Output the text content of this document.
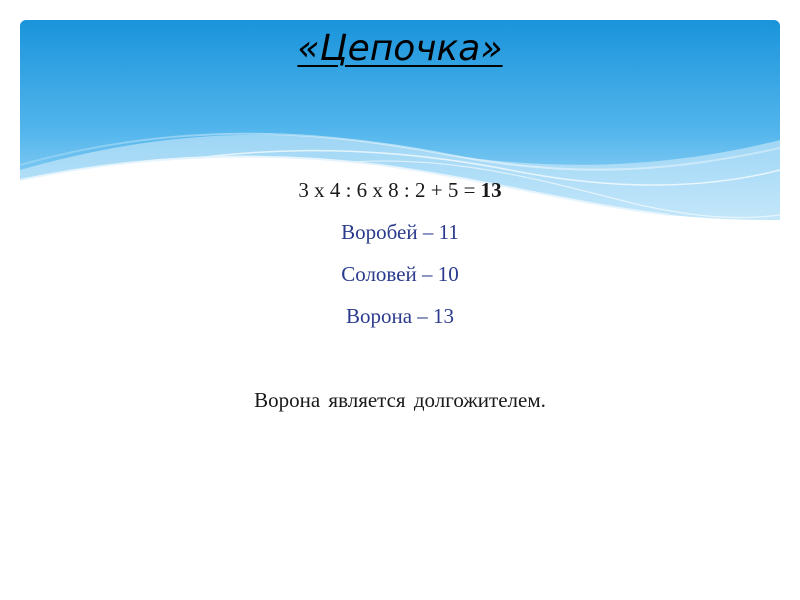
«Цепочка»
3 х 4 : 6 х 8 : 2 + 5 = 13
Воробей – 11
Соловей – 10
Ворона – 13
Ворона является долгожителем.
